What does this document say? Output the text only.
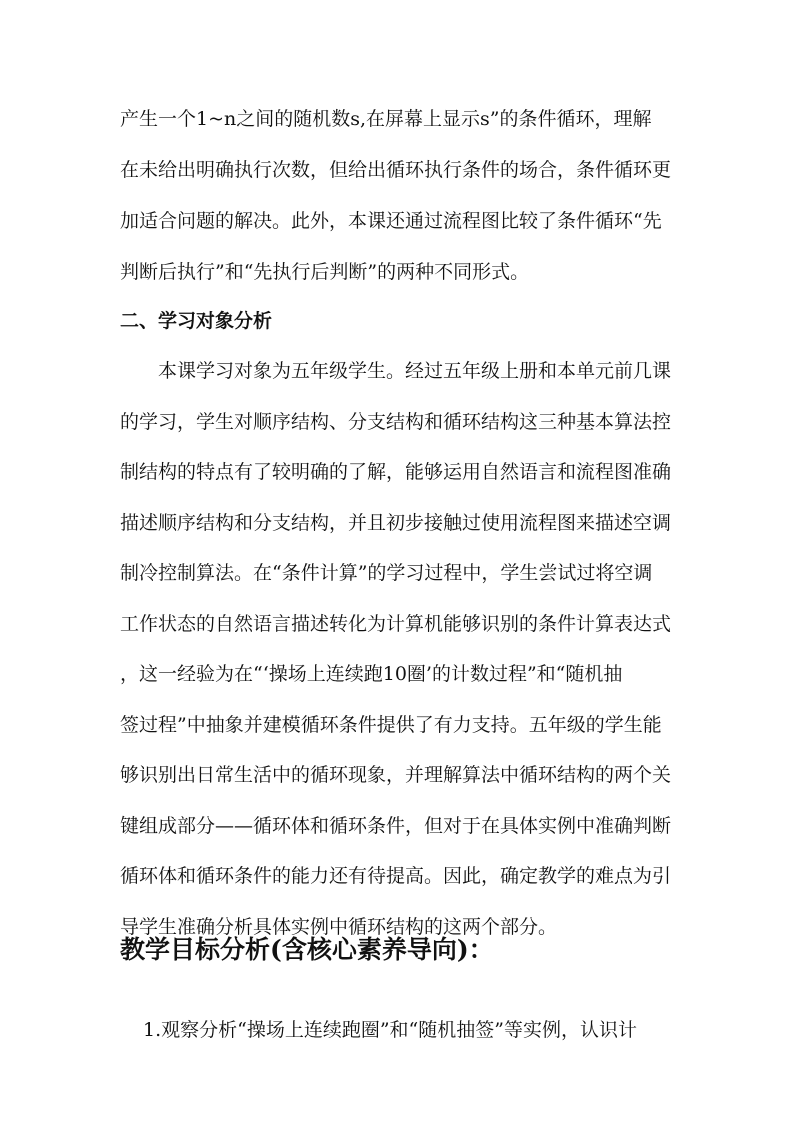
产生一个1~n之间的随机数s,在屏幕上显示s”的条件循环，理解
在未给出明确执行次数，但给出循环执行条件的场合，条件循环更
加适合问题的解决。此外，本课还通过流程图比较了条件循环“先
判断后执行”和“先执行后判断”的两种不同形式。
二、学习对象分析
　　本课学习对象为五年级学生。经过五年级上册和本单元前几课
的学习，学生对顺序结构、分支结构和循环结构这三种基本算法控
制结构的特点有了较明确的了解，能够运用自然语言和流程图准确
描述顺序结构和分支结构，并且初步接触过使用流程图来描述空调
制冷控制算法。在“条件计算”的学习过程中，学生尝试过将空调
工作状态的自然语言描述转化为计算机能够识别的条件计算表达式
，这一经验为在“‘操场上连续跑10圈’的计数过程”和“随机抽
签过程”中抽象并建模循环条件提供了有力支持。五年级的学生能
够识别出日常生活中的循环现象，并理解算法中循环结构的两个关
键组成部分——循环体和循环条件，但对于在具体实例中准确判断
循环体和循环条件的能力还有待提高。因此，确定教学的难点为引
导学生准确分析具体实例中循环结构的这两个部分。
教学目标分析(含核心素养导向)：
1.观察分析“操场上连续跑圈”和“随机抽签”等实例，认识计
